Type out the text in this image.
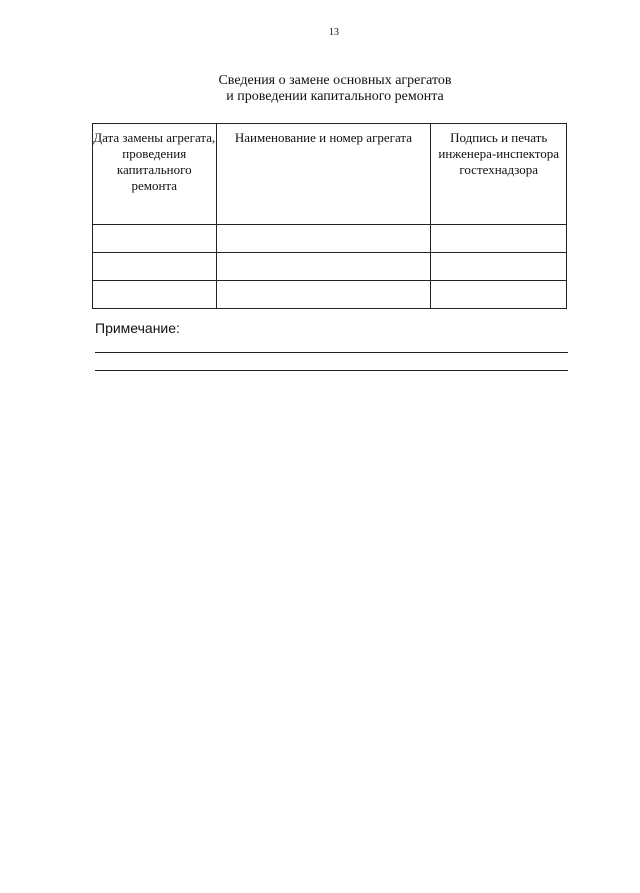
13
Сведения о замене основных агрегатов
и проведении капитального ремонта
Дата замены агрегата, проведения капитального ремонта	Наименование и номер агрегата	Подпись и печать инженера-инспектора гостехнадзора

Примечание:
